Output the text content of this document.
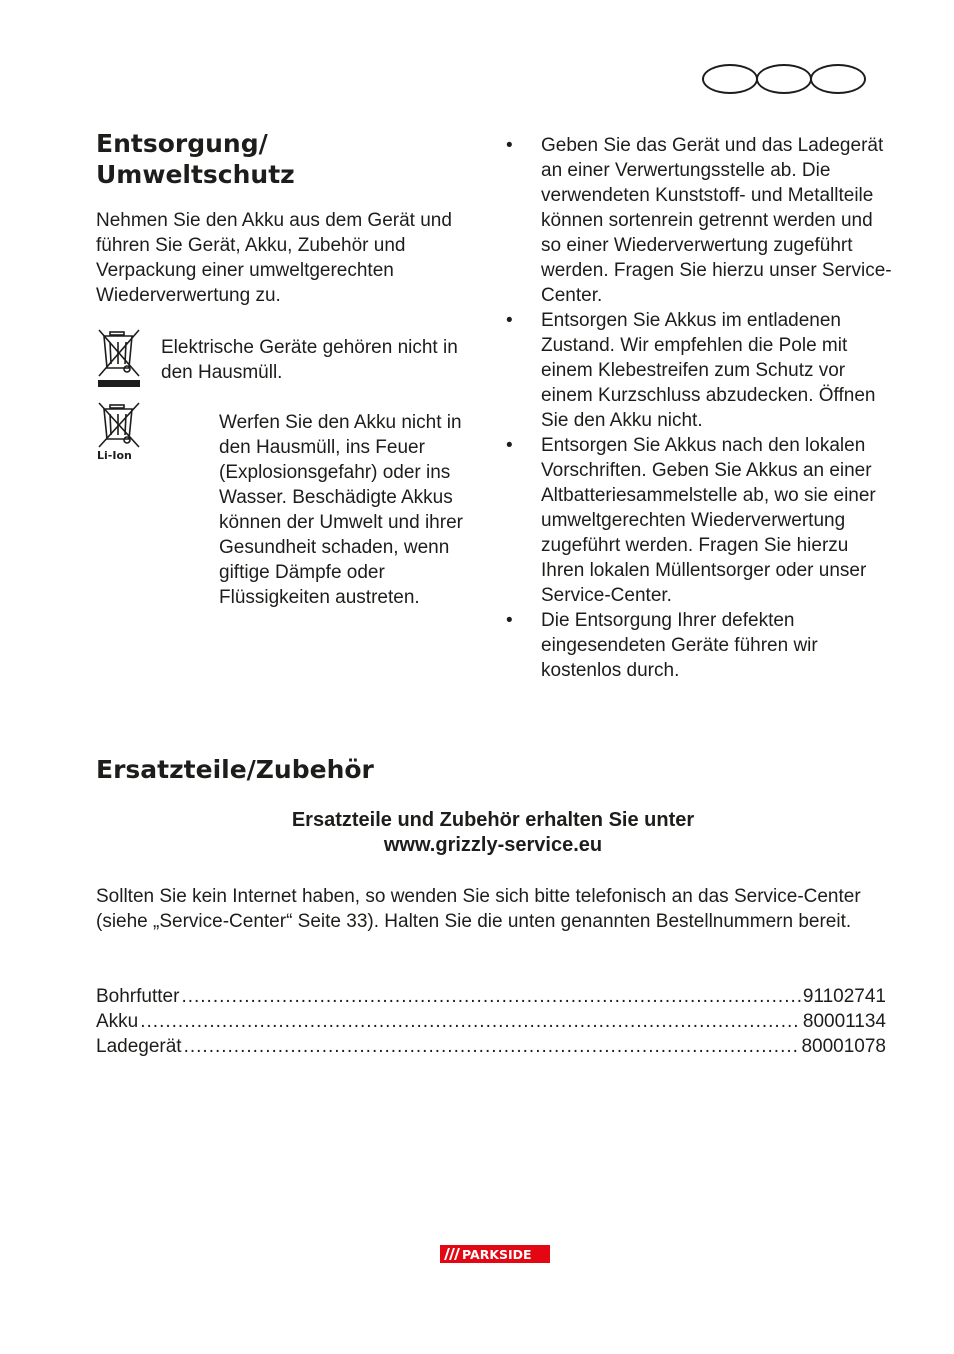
Entsorgung/
Umweltschutz
Nehmen Sie den Akku aus dem Gerät und führen Sie Gerät, Akku, Zubehör und Verpackung einer umweltgerechten Wiederverwertung zu.
Elektrische Geräte gehören nicht in den Hausmüll.
Li-Ion
Werfen Sie den Akku nicht in den Hausmüll, ins Feuer (Explosionsgefahr) oder ins Wasser. Beschädigte Akkus können der Umwelt und ihrer Gesundheit schaden, wenn giftige Dämpfe oder Flüssigkeiten austreten.
•	Geben Sie das Gerät und das Ladegerät an einer Verwertungsstelle ab. Die verwendeten Kunststoff- und Metallteile können sortenrein getrennt werden und so einer Wiederverwertung zugeführt werden. Fragen Sie hierzu unser Service-Center.
•	Entsorgen Sie Akkus im entladenen Zustand. Wir empfehlen die Pole mit einem Klebestreifen zum Schutz vor einem Kurzschluss abzudecken. Öffnen Sie den Akku nicht.
•	Entsorgen Sie Akkus nach den lokalen Vorschriften. Geben Sie Akkus an einer Altbatteriesammelstelle ab, wo sie einer umweltgerechten Wiederverwertung zugeführt werden. Fragen Sie hierzu Ihren lokalen Müllentsorger oder unser Service-Center.
•	Die Entsorgung Ihrer defekten eingesendeten Geräte führen wir kostenlos durch.
Ersatzteile/Zubehör
Ersatzteile und Zubehör erhalten Sie unter
www.grizzly-service.eu
Sollten Sie kein Internet haben, so wenden Sie sich bitte telefonisch an das Service-Center (siehe „Service-Center“ Seite 33). Halten Sie die unten genannten Bestellnummern bereit.
Bohrfutter .....	91102741
Akku .....	80001134
Ladegerät .....	80001078
PARKSIDE
